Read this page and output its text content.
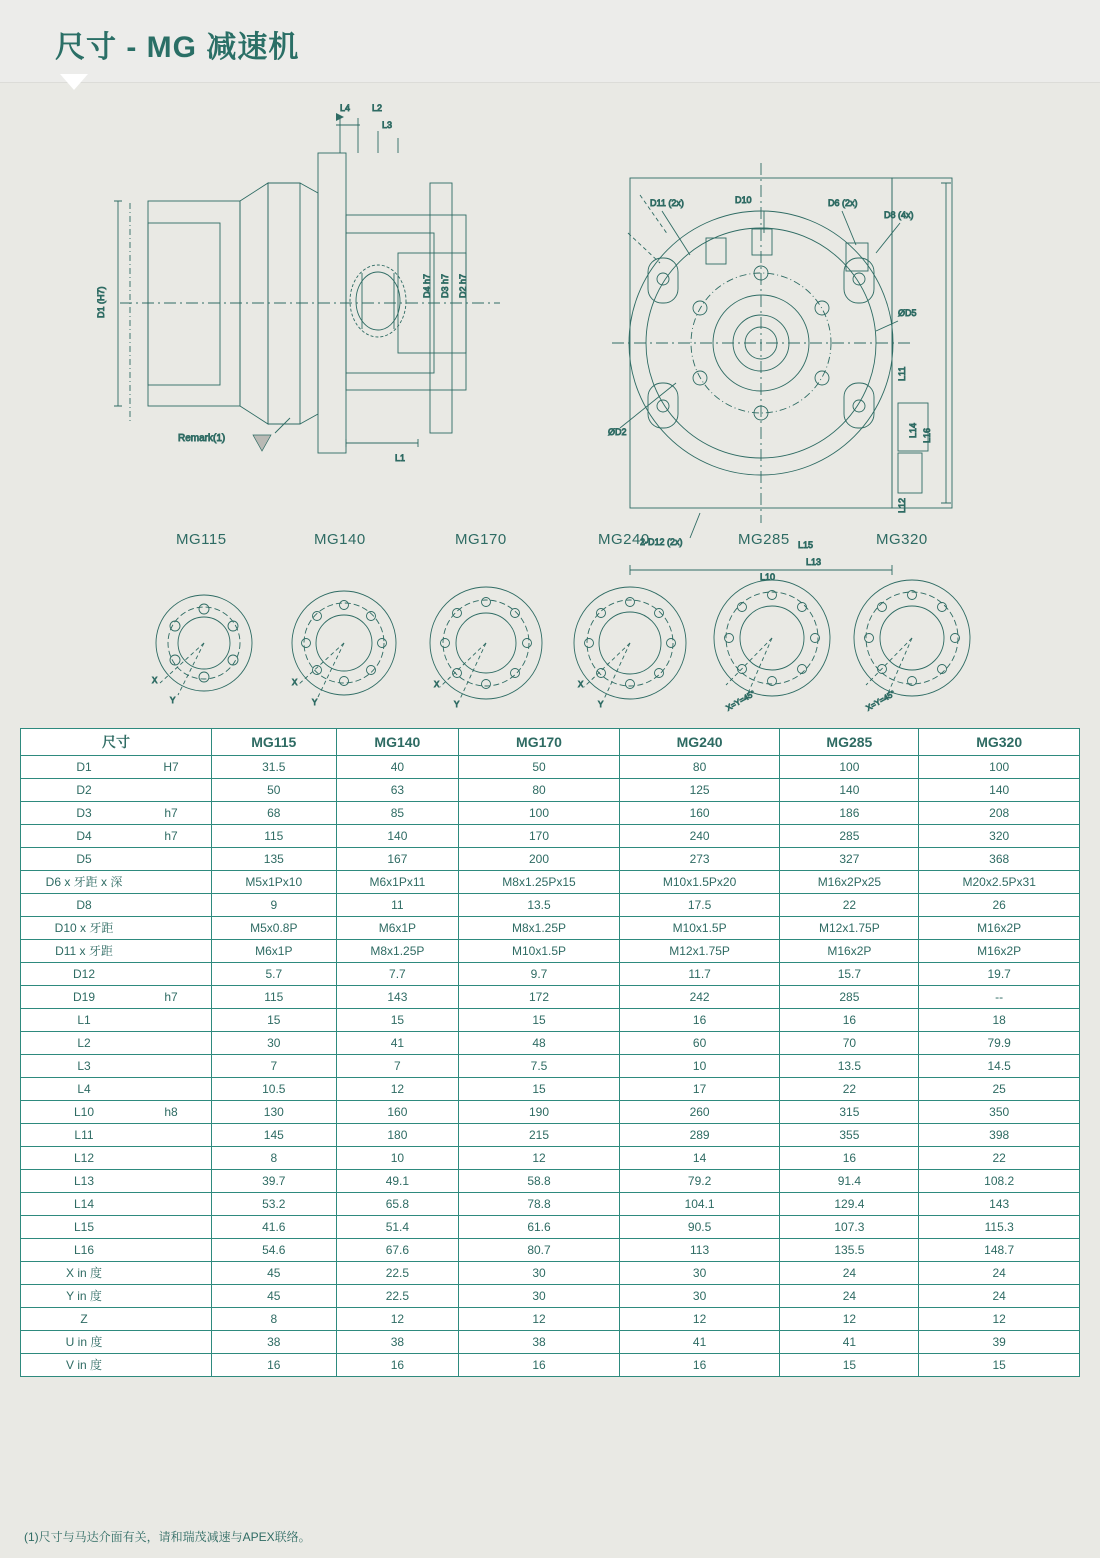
尺寸 - MG 减速机
L4 L2
L3
D1 (H7)
D4 h7 D3 h7 D2 h7
L1
Remark(1)
D11 (2x)	D10	D6 (2x)
D8 (4x)
ØD5
ØD2
2-D12 (2x)	L15
L13
L10
L11
L14 L16
L12
X
Y
X
Y
X
Y
X
Y	X=Y=45°	X=Y=45°
MG115	MG140	MG170	MG240	MG285	MG320
尺寸	MG115	MG140	MG170	MG240	MG285	MG320

D1 H7	31.5	40	50	80	100	100

D2	50	63	80	125	140	140

D3 h7	68	85	100	160	186	208

D4 h7	115	140	170	240	285	320

D5	135	167	200	273	327	368

D6 x 牙距 x 深	M5x1Px10	M6x1Px11	M8x1.25Px15	M10x1.5Px20	M16x2Px25	M20x2.5Px31

D8	9	11	13.5	17.5	22	26

D10 x 牙距	M5x0.8P	M6x1P	M8x1.25P	M10x1.5P	M12x1.75P	M16x2P

D11 x 牙距	M6x1P	M8x1.25P	M10x1.5P	M12x1.75P	M16x2P	M16x2P

D12	5.7	7.7	9.7	11.7	15.7	19.7

D19 h7	115	143	172	242	285	--

L1	15	15	15	16	16	18

L2	30	41	48	60	70	79.9

L3	7	7	7.5	10	13.5	14.5

L4	10.5	12	15	17	22	25

L10 h8	130	160	190	260	315	350

L11	145	180	215	289	355	398

L12	8	10	12	14	16	22

L13	39.7	49.1	58.8	79.2	91.4	108.2

L14	53.2	65.8	78.8	104.1	129.4	143

L15	41.6	51.4	61.6	90.5	107.3	115.3

L16	54.6	67.6	80.7	113	135.5	148.7

X in 度	45	22.5	30	30	24	24

Y in 度	45	22.5	30	30	24	24

Z	8	12	12	12	12	12

U in 度	38	38	38	41	41	39

V in 度	16	16	16	16	15	15
(1)尺寸与马达介面有关，请和瑞茂减速与APEX联络。
